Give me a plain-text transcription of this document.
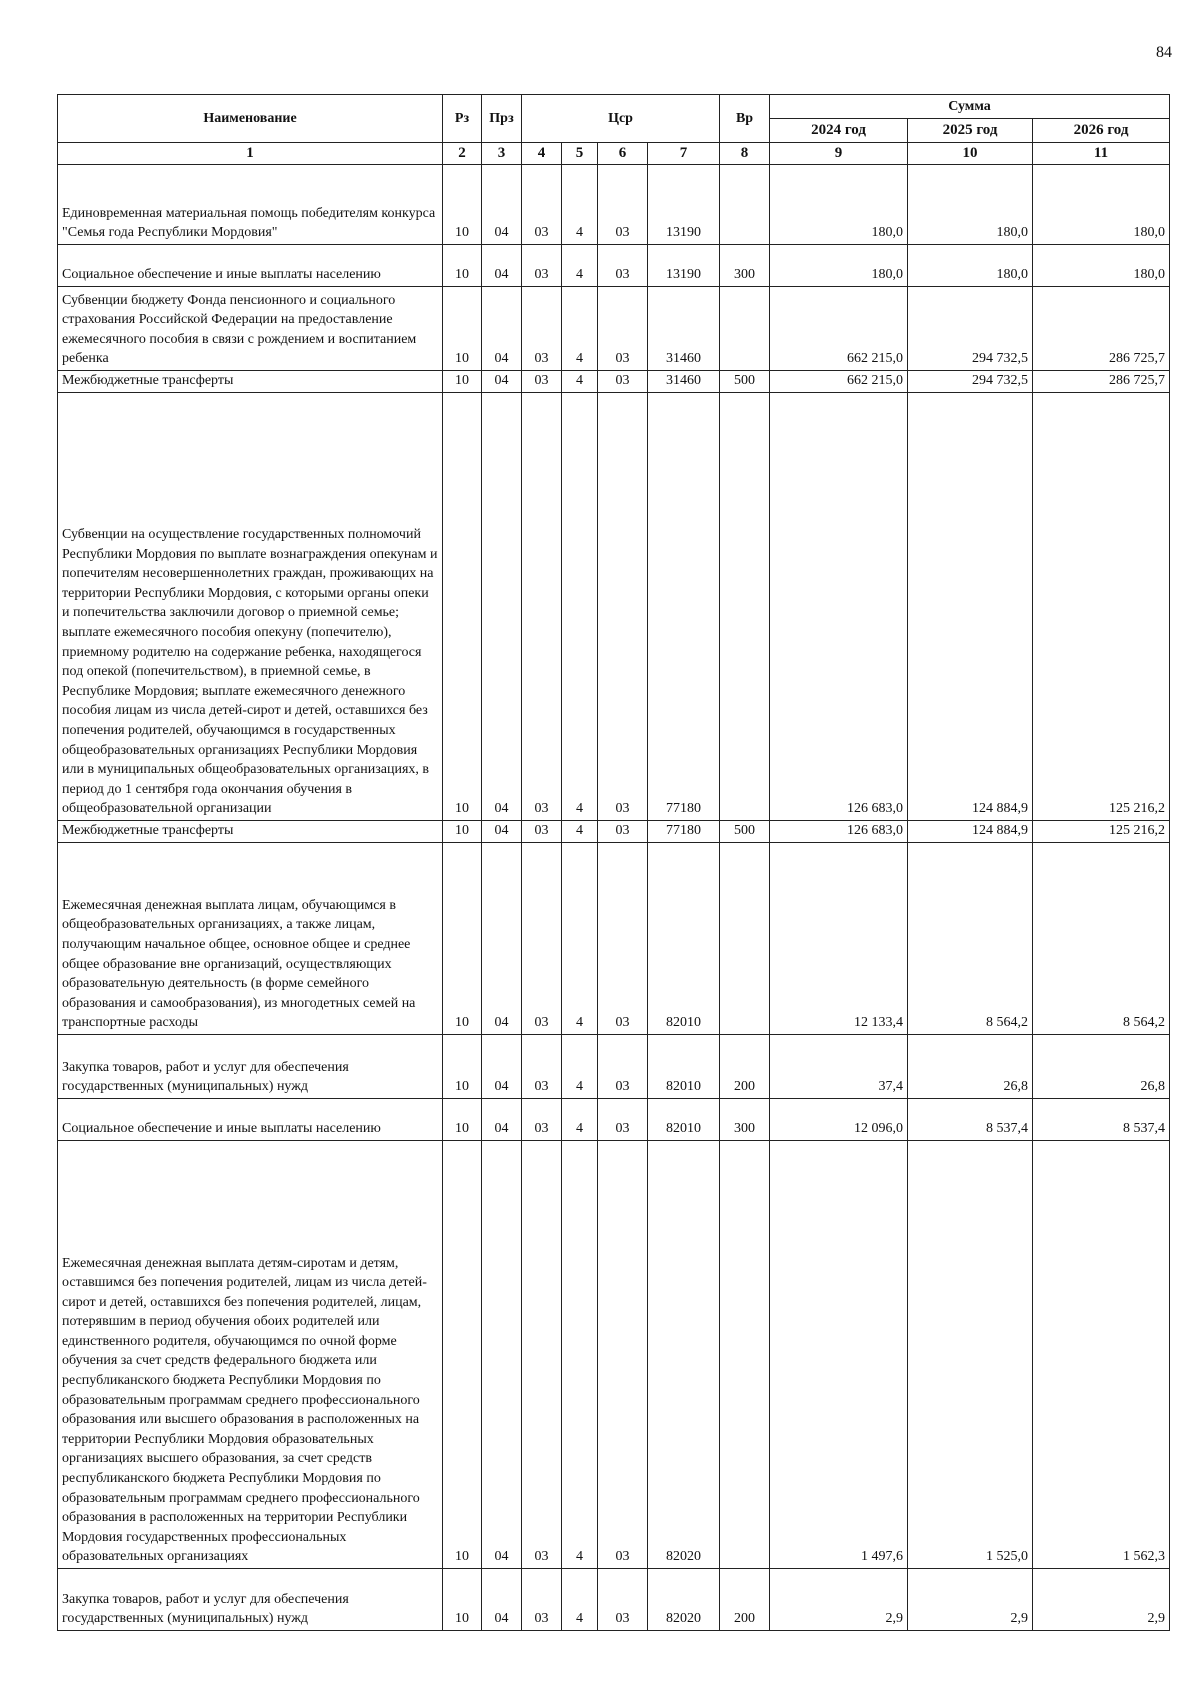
84
Наименование	Рз	Прз	Цср				Вр	Сумма		
								2024 год	2025 год	2026 год
1	2	3	4	5	6	7	8	9	10	11
Единовременная материальная помощь победителям конкурса "Семья года Республики Мордовия"	10	04	03	4	03	13190		180,0	180,0	180,0
Социальное обеспечение и иные выплаты населению	10	04	03	4	03	13190	300	180,0	180,0	180,0
Субвенции бюджету Фонда пенсионного и социального страхования Российской Федерации на предоставление ежемесячного пособия в связи с рождением и воспитанием ребенка	10	04	03	4	03	31460		662 215,0	294 732,5	286 725,7
Межбюджетные трансферты	10	04	03	4	03	31460	500	662 215,0	294 732,5	286 725,7
Субвенции на осуществление государственных полномочий Республики Мордовия по выплате вознаграждения опекунам и попечителям несовершеннолетних граждан, проживающих на территории Республики Мордовия, с которыми органы опеки и попечительства заключили договор о приемной семье; выплате ежемесячного пособия опекуну (попечителю), приемному родителю на содержание ребенка, находящегося под опекой (попечительством), в приемной семье, в Республике Мордовия; выплате ежемесячного денежного пособия лицам из числа детей-сирот и детей, оставшихся без попечения родителей, обучающимся в государственных общеобразовательных организациях Республики Мордовия или в муниципальных общеобразовательных организациях, в период до 1 сентября года окончания обучения в общеобразовательной организации	10	04	03	4	03	77180		126 683,0	124 884,9	125 216,2
Межбюджетные трансферты	10	04	03	4	03	77180	500	126 683,0	124 884,9	125 216,2
Ежемесячная денежная выплата лицам, обучающимся в общеобразовательных организациях, а также лицам, получающим начальное общее, основное общее и среднее общее образование вне организаций, осуществляющих образовательную деятельность (в форме семейного образования и самообразования), из многодетных семей на транспортные расходы	10	04	03	4	03	82010		12 133,4	8 564,2	8 564,2
Закупка товаров, работ и услуг для обеспечения государственных (муниципальных) нужд	10	04	03	4	03	82010	200	37,4	26,8	26,8
Социальное обеспечение и иные выплаты населению	10	04	03	4	03	82010	300	12 096,0	8 537,4	8 537,4
Ежемесячная денежная выплата детям-сиротам и детям, оставшимся без попечения родителей, лицам из числа детей-сирот и детей, оставшихся без попечения родителей, лицам, потерявшим в период обучения обоих родителей или единственного родителя, обучающимся по очной форме обучения за счет средств федерального бюджета или республиканского бюджета Республики Мордовия по образовательным программам среднего профессионального образования или высшего образования в расположенных на территории Республики Мордовия образовательных организациях высшего образования, за счет средств республиканского бюджета Республики Мордовия по образовательным программам среднего профессионального образования в расположенных на территории Республики Мордовия государственных профессиональных образовательных организациях	10	04	03	4	03	82020		1 497,6	1 525,0	1 562,3
Закупка товаров, работ и услуг для обеспечения государственных (муниципальных) нужд	10	04	03	4	03	82020	200	2,9	2,9	2,9
